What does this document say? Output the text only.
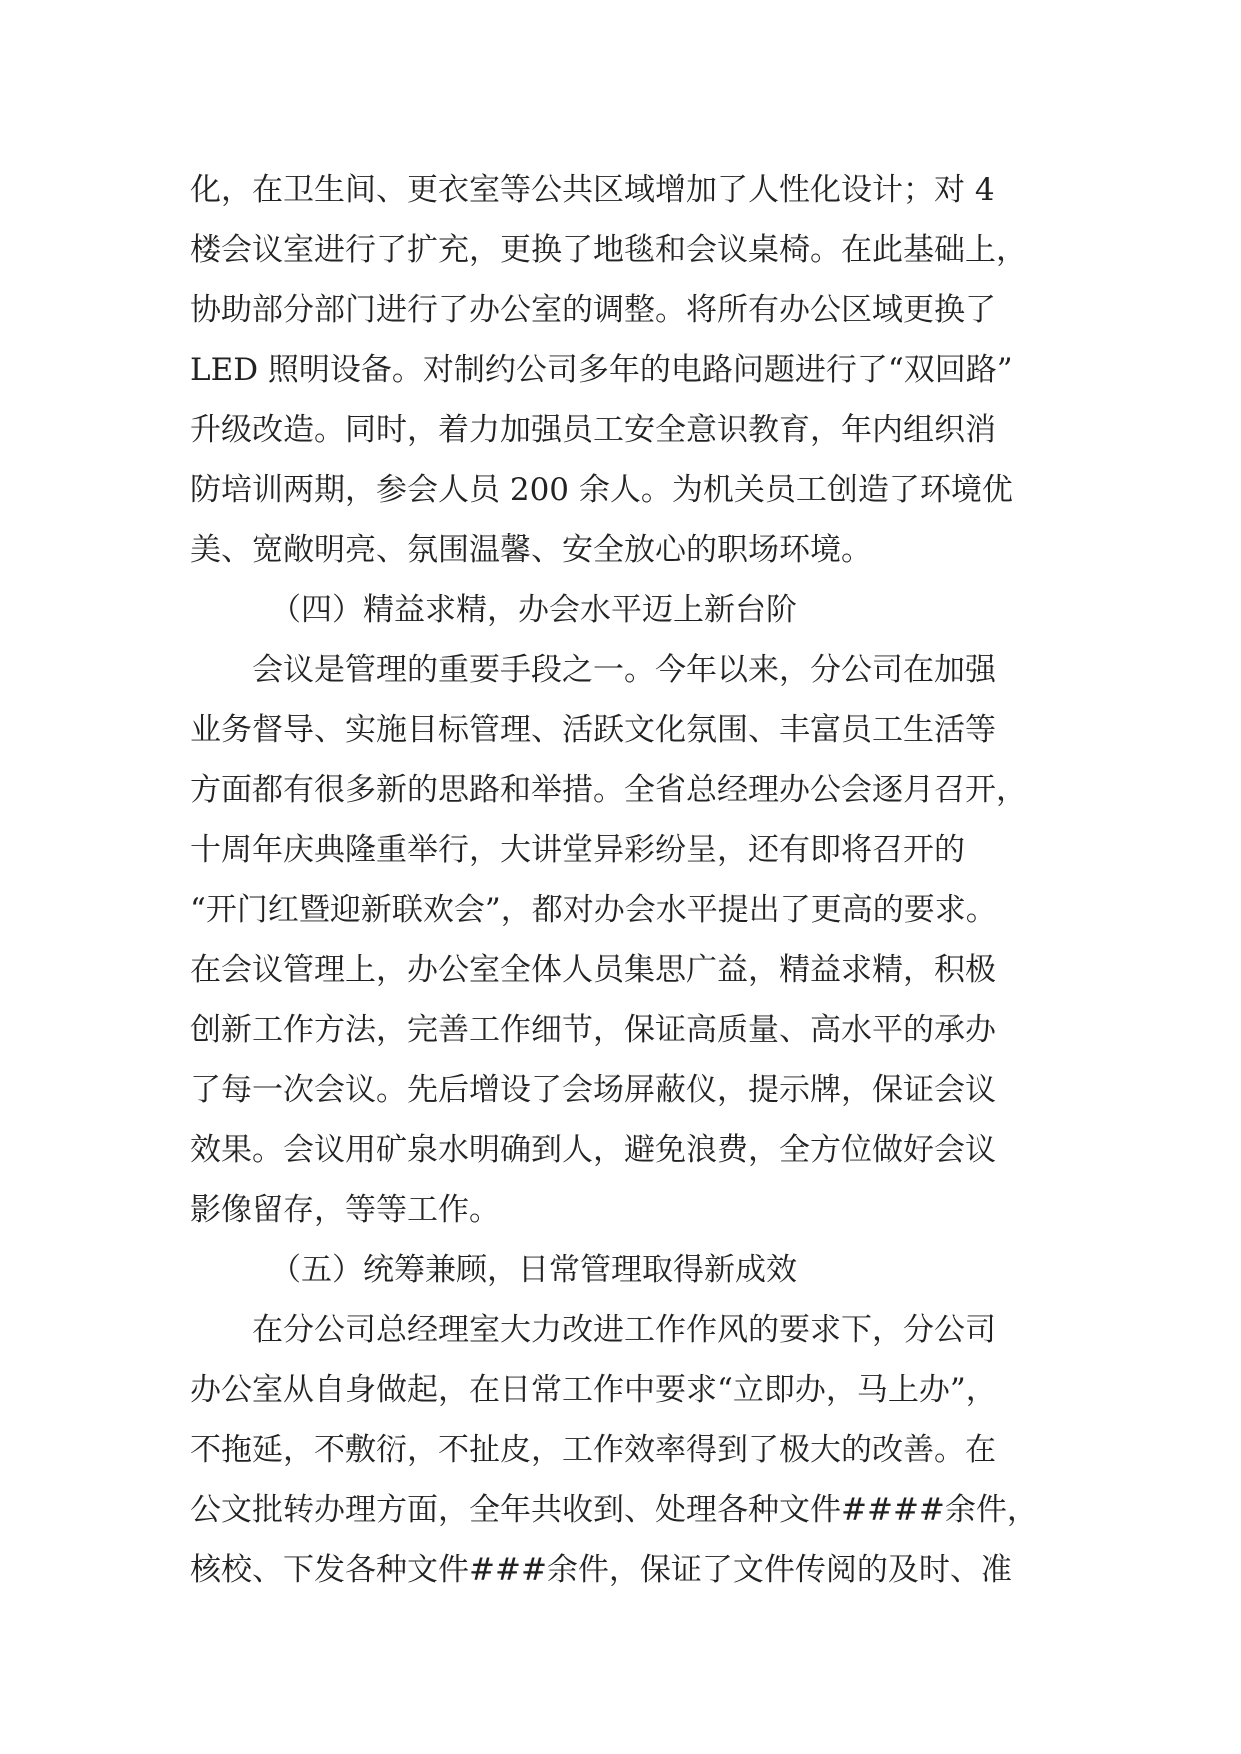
化，在卫生间、更衣室等公共区域增加了人性化设计；对 4
楼会议室进行了扩充，更换了地毯和会议桌椅。在此基础上，
协助部分部门进行了办公室的调整。将所有办公区域更换了
LED 照明设备。对制约公司多年的电路问题进行了“双回路”
升级改造。同时，着力加强员工安全意识教育，年内组织消
防培训两期，参会人员 200 余人。为机关员工创造了环境优
美、宽敞明亮、氛围温馨、安全放心的职场环境。
（四）精益求精，办会水平迈上新台阶
会议是管理的重要手段之一。今年以来，分公司在加强
业务督导、实施目标管理、活跃文化氛围、丰富员工生活等
方面都有很多新的思路和举措。全省总经理办公会逐月召开，
十周年庆典隆重举行，大讲堂异彩纷呈，还有即将召开的
“开门红暨迎新联欢会”，都对办会水平提出了更高的要求。
在会议管理上，办公室全体人员集思广益，精益求精，积极
创新工作方法，完善工作细节，保证高质量、高水平的承办
了每一次会议。先后增设了会场屏蔽仪，提示牌，保证会议
效果。会议用矿泉水明确到人，避免浪费，全方位做好会议
影像留存，等等工作。
（五）统筹兼顾，日常管理取得新成效
在分公司总经理室大力改进工作作风的要求下，分公司
办公室从自身做起，在日常工作中要求“立即办，马上办”，
不拖延，不敷衍，不扯皮，工作效率得到了极大的改善。在
公文批转办理方面，全年共收到、处理各种文件####余件，
核校、下发各种文件###余件，保证了文件传阅的及时、准
